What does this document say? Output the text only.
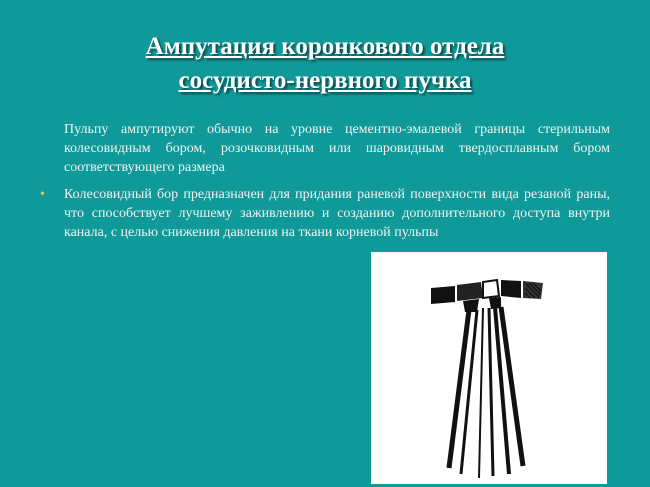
Ампутация коронкового отдела
сосудисто-нервного пучка

Пульпу ампутируют обычно на уровне цементно-эмалевой границы стерильным колесовидным бором, розочковидным или шаровидным твердосплавным бором соответствующего размера

• Колесовидный бор предназначен для придания раневой поверхности вида резаной раны, что способствует лучшему заживлению и созданию дополнительного доступа внутри канала, с целью снижения давления на ткани корневой пульпы
